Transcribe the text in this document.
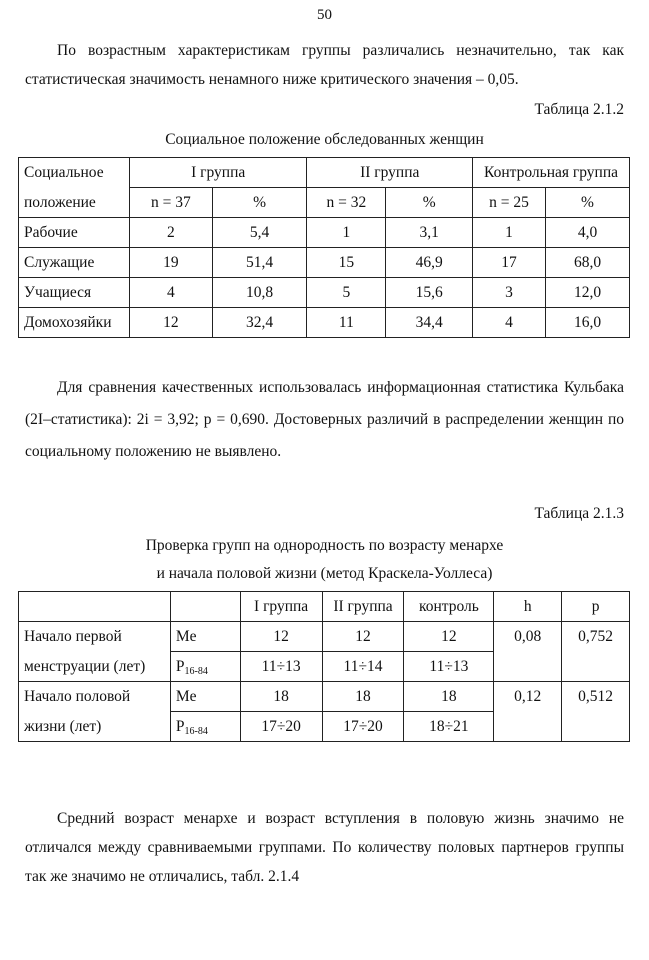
50
По возрастным характеристикам группы различались незначительно, так как статистическая значимость ненамного ниже критического значения – 0,05.
Таблица 2.1.2
Социальное положение обследованных женщин
Социальное	I группа		II группа		Контрольная группа	
положение	n = 37	%	n = 32	%	n = 25	%
Рабочие	2	5,4	1	3,1	1	4,0
Служащие	19	51,4	15	46,9	17	68,0
Учащиеся	4	10,8	5	15,6	3	12,0
Домохозяйки	12	32,4	11	34,4	4	16,0
Для сравнения качественных использовалась информационная статистика Кульбака (2I–статистика): 2i = 3,92; p = 0,690. Достоверных различий в распределении женщин по социальному положению не выявлено.
Таблица 2.1.3
Проверка групп на однородность по возрасту менархе
и начала половой жизни (метод Краскела-Уоллеса)
		I группа	II группа	контроль	h	p
Начало первой	Me	12	12	12	0,08	0,752
менструации (лет)	$P_{16-84}$	11÷13	11÷14	11÷13		
Начало половой	Me	18	18	18	0,12	0,512
жизни (лет)	$P_{16-84}$	17÷20	17÷20	18÷21		
Средний возраст менархе и возраст вступления в половую жизнь значимо не отличался между сравниваемыми группами. По количеству половых партнеров группы так же значимо не отличались, табл. 2.1.4
